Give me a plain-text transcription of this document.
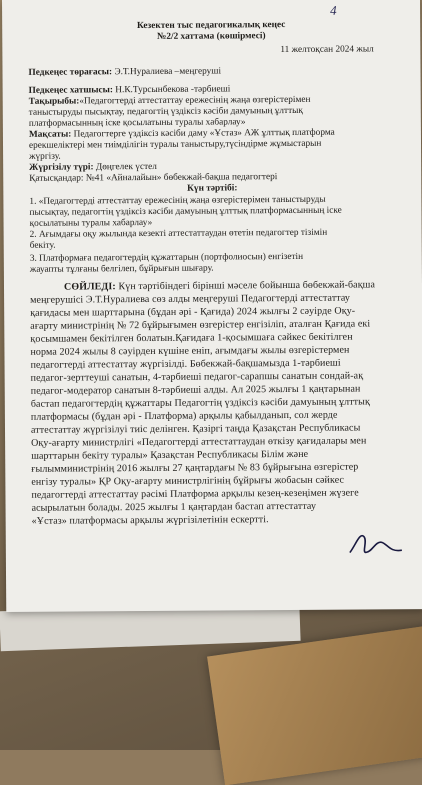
4
Кезектен тыс педагогикалық кеңес
№2/2 хаттама (көшірмесі)
11 желтоқсан 2024 жыл
Педкеңес төрағасы: Э.Т.Нуралиева –меңгеруші
Педкеңес хатшысы: Н.К.Турсынбекова -тәрбиеші
Тақырыбы:«Педагогтерді аттестаттау ережесінің жаңа өзгерістерімен
таныстыруды пысықтау, педагогтің үздіксіз кәсіби дамуының ұлттық
платформасынның іске қосылатыны туралы хабарлау»
Мақсаты: Педагогтерге үздіксіз кәсіби даму «Ұстаз» АЖ ұлттық платформа
ерекшеліктері мен тиімділігін туралы таныстыру,түсіндірме жұмыстарын
жүргізу.
Жүргізілу түрі: Дөңгелек үстел
Қатысқандар: №41 «Айналайын» бөбекжай-бақша педагогтері
Күн тәртібі:
1. «Педагогтерді аттестаттау ережесінің жаңа өзгерістерімен таныстыруды
пысықтау, педагогтің үздіксіз кәсіби дамуының ұлттық платформасынның іске
қосылатыны туралы хабарлау»
2. Ағымдағы оқу жылында кезекті аттестаттаудан өтетін педагогтер тізімін
бекіту.
3. Платформаға педагогтердің құжаттарын (портфолиосын) енгізетін
жауапты тұлғаны белгілеп, бұйрығын шығару.
СӨЙЛЕДІ: Күн тәртібіндегі бірінші мәселе бойынша бөбекжай-бақша
меңгерушісі Э.Т.Нуралиева сөз алды меңгеруші Педагогтерді аттестаттау
қағидасы мен шарттарына (бұдан әрі - Қағида) 2024 жылғы 2 сәуірде Оқу-
ағарту министрінің № 72 бұйрығымен өзгерістер енгізіліп, аталған Қағида екі
қосымшамен бекітілген болатын.Қағидаға 1-қосымшаға сәйкес бекітілген
норма 2024 жылы 8 сәуірден күшіне еніп, ағымдағы жылы өзгерістермен
педагогтерді аттестаттау жүргізілді. Бөбекжай-бақшамызда 1-тәрбиеші
педагог-зерттеуші санатын, 4-тәрбиеші педагог-сарапшы санатын сондай-ақ
педагог-модератор санатын 8-тәрбиеші алды. Ал 2025 жылғы 1 қаңтарынан
бастап педагогтердің құжаттары Педагогтің үздіксіз кәсіби дамуының ұлттық
платформасы (бұдан әрі - Платформа) арқылы қабылданып, сол жерде
аттестаттау жүргізілуі тиіс делінген. Қазіргі таңда Қазақстан Республикасы
Оқу-ағарту министрлігі «Педагогтерді аттестаттаудан өткізу қағидалары мен
шарттарын бекіту туралы» Қазақстан Республикасы Білім және
ғылымминистрінің 2016 жылғы 27 қаңтардағы № 83 бұйрығына өзгерістер
енгізу туралы» ҚР Оқу-ағарту министрлігінің бұйрығы жобасын сәйкес
педагогтерді аттестаттау рәсімі Платформа арқылы кезең-кезеңімен жүзеге
асырылатын болады. 2025 жылғы 1 қаңтардан бастап аттестаттау
«Ұстаз» платформасы арқылы жүргізілетінін ескертті.
